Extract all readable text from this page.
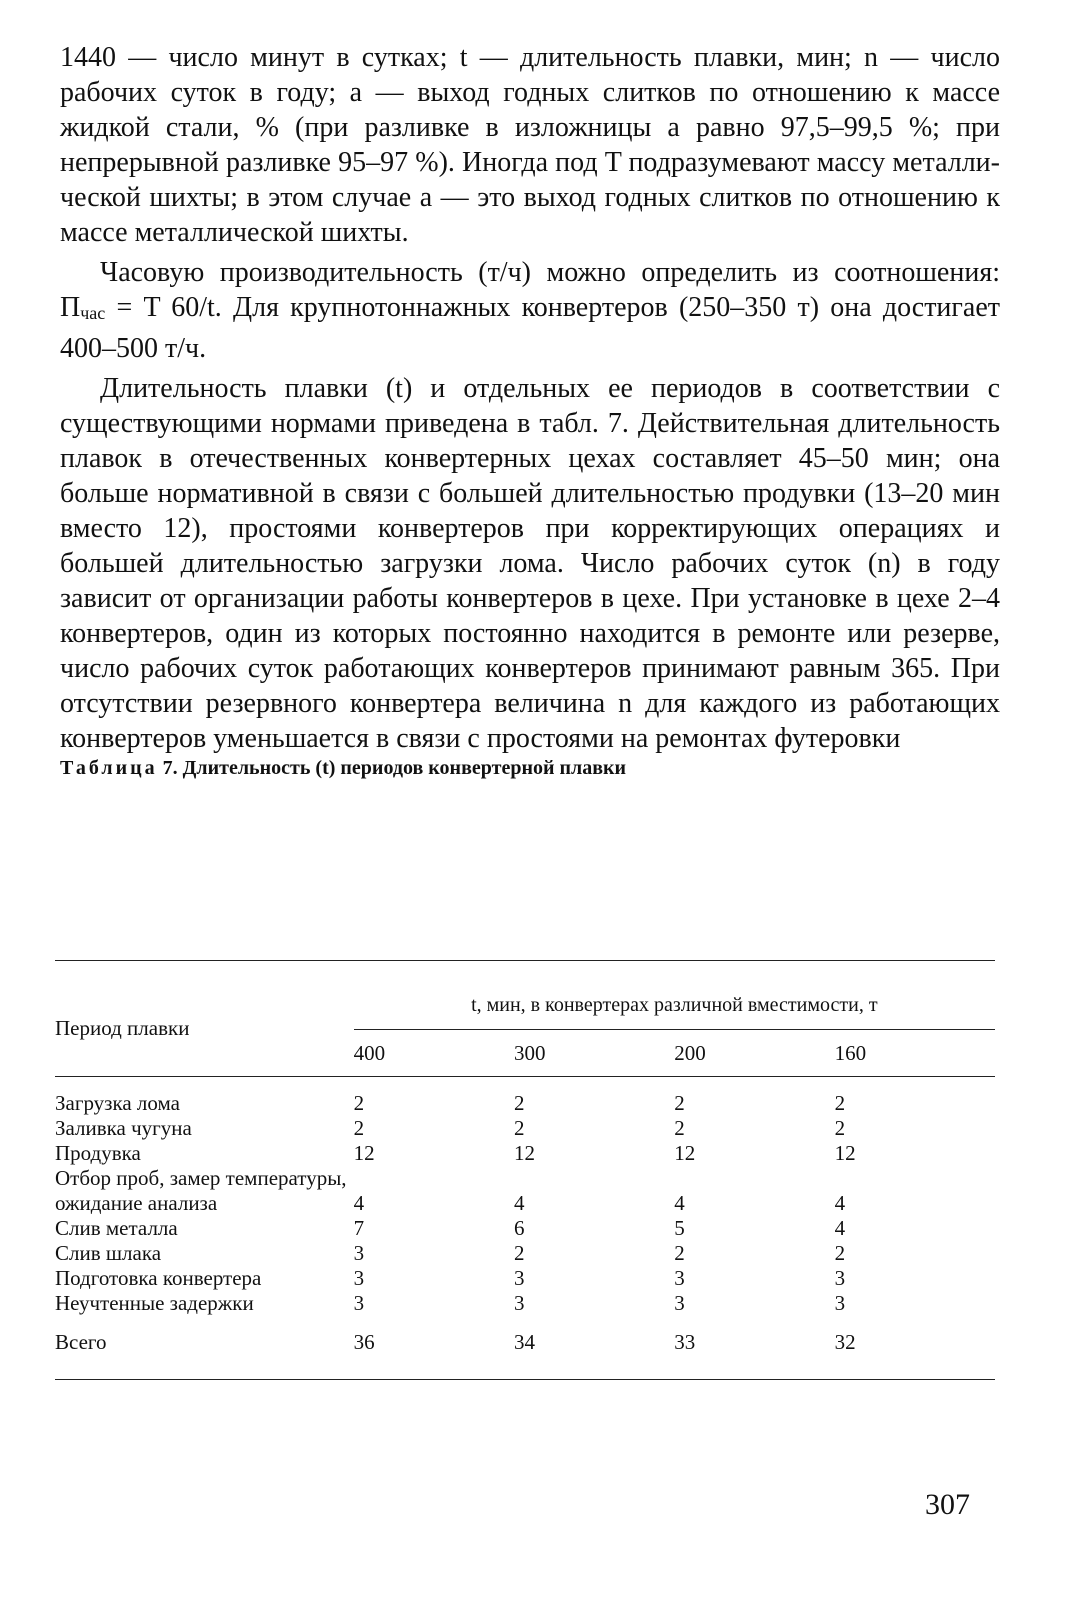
1440 — число минут в сутках; t — длительность плавки, мин; n — число рабочих суток в году; a — выход годных слитков по отношению к массе жидкой стали, % (при разливке в изложницы a равно 97,5–99,5 %; при непрерывной разливке 95–97 %). Иногда под T подразумевают массу металлической шихты; в этом случае a — это выход годных слитков по отношению к массе металлической шихты.

Часовую производительность (т/ч) можно определить из соотношения: Пчас = T 60/t. Для крупнотоннажных конвертеров (250–350 т) она достигает 400–500 т/ч.

Длительность плавки (t) и отдельных ее периодов в соответствии с существующими нормами приведена в табл. 7. Действительная длительность плавок в отечественных конвертерных цехах составляет 45–50 мин; она больше нормативной в связи с большей длительностью продувки (13–20 мин вместо 12), простоями конвертеров при корректирующих операциях и большей длительностью загрузки лома. Число рабочих суток (n) в году зависит от организации работы конвертеров в цехе. При установке в цехе 2–4 конвертеров, один из которых постоянно находится в ремонте или резерве, число рабочих суток работающих конвертеров принимают равным 365. При отсутствии резервного конвертера величина n для каждого из работающих конвертеров уменьшается в связи с простоями на ремонтах футеровки

Таблица 7. Длительность (t) периодов конвертерной плавки

Период плавки	t, мин, в конвертерах различной вместимости, т			

	400	300	200	160

Загрузка лома	2	2	2	2
Заливка чугуна	2	2	2	2
Продувка	12	12	12	12
Отбор проб, замер температуры, ожидание анализа	4	4	4	4
Слив металла	7	6	5	4
Слив шлака	3	2	2	2
Подготовка конвертера	3	3	3	3
Неучтенные задержки	3	3	3	3
Всего	36	34	33	32

307
